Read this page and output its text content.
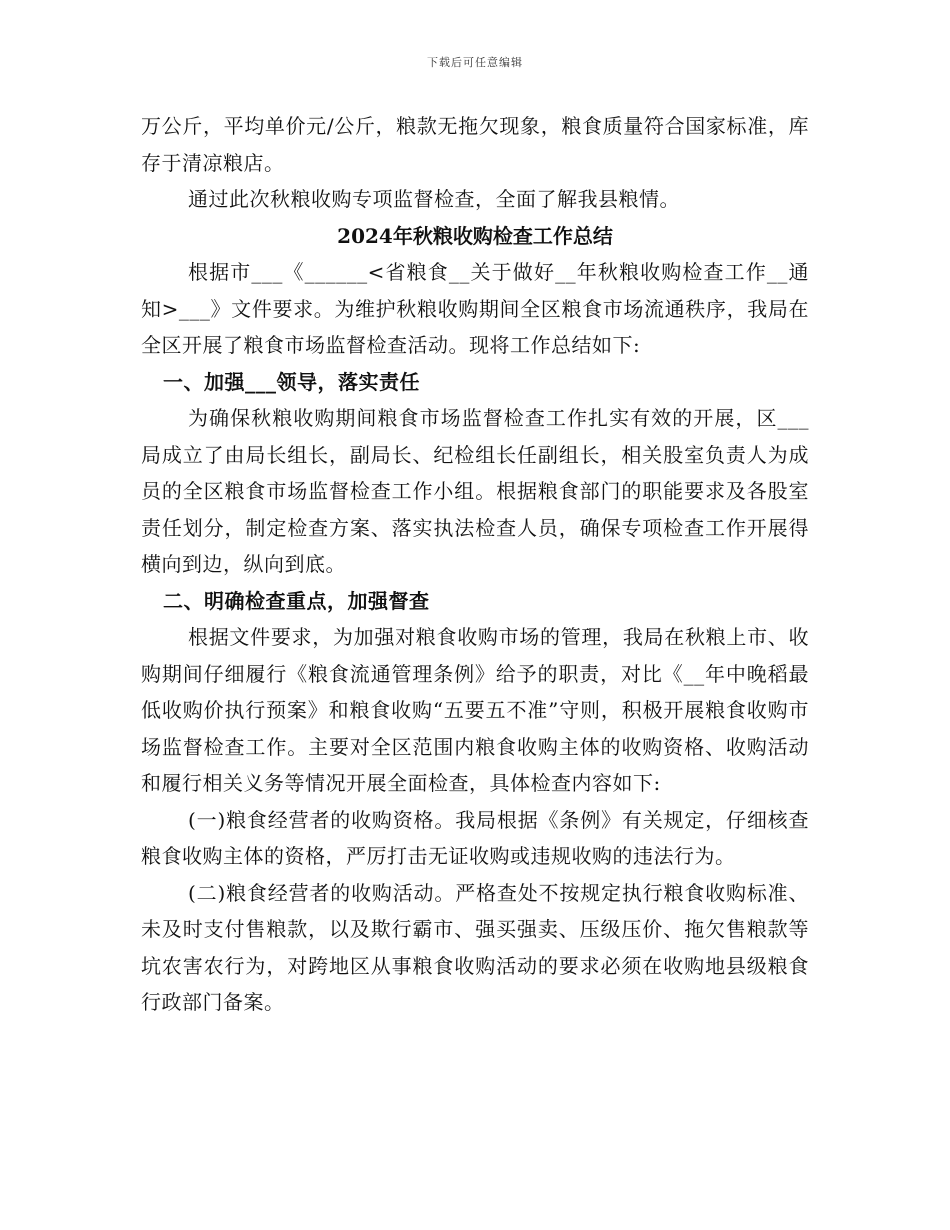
下载后可任意编辑

万公斤，平均单价元/公斤，粮款无拖欠现象，粮食质量符合国家标准，库存于清凉粮店。

通过此次秋粮收购专项监督检查，全面了解我县粮情。

2024年秋粮收购检查工作总结

根据市___《______<省粮食__关于做好__年秋粮收购检查工作__通知>___》文件要求。为维护秋粮收购期间全区粮食市场流通秩序，我局在全区开展了粮食市场监督检查活动。现将工作总结如下:

一、加强___领导，落实责任

为确保秋粮收购期间粮食市场监督检查工作扎实有效的开展，区___局成立了由局长组长，副局长、纪检组长任副组长，相关股室负责人为成员的全区粮食市场监督检查工作小组。根据粮食部门的职能要求及各股室责任划分，制定检查方案、落实执法检查人员，确保专项检查工作开展得横向到边，纵向到底。

二、明确检查重点，加强督查

根据文件要求，为加强对粮食收购市场的管理，我局在秋粮上市、收购期间仔细履行《粮食流通管理条例》给予的职责，对比《__年中晚稻最低收购价执行预案》和粮食收购“五要五不准”守则，积极开展粮食收购市场监督检查工作。主要对全区范围内粮食收购主体的收购资格、收购活动和履行相关义务等情况开展全面检查，具体检查内容如下:

(一)粮食经营者的收购资格。我局根据《条例》有关规定，仔细核查粮食收购主体的资格，严厉打击无证收购或违规收购的违法行为。

(二)粮食经营者的收购活动。严格查处不按规定执行粮食收购标准、未及时支付售粮款，以及欺行霸市、强买强卖、压级压价、拖欠售粮款等坑农害农行为，对跨地区从事粮食收购活动的要求必须在收购地县级粮食行政部门备案。
